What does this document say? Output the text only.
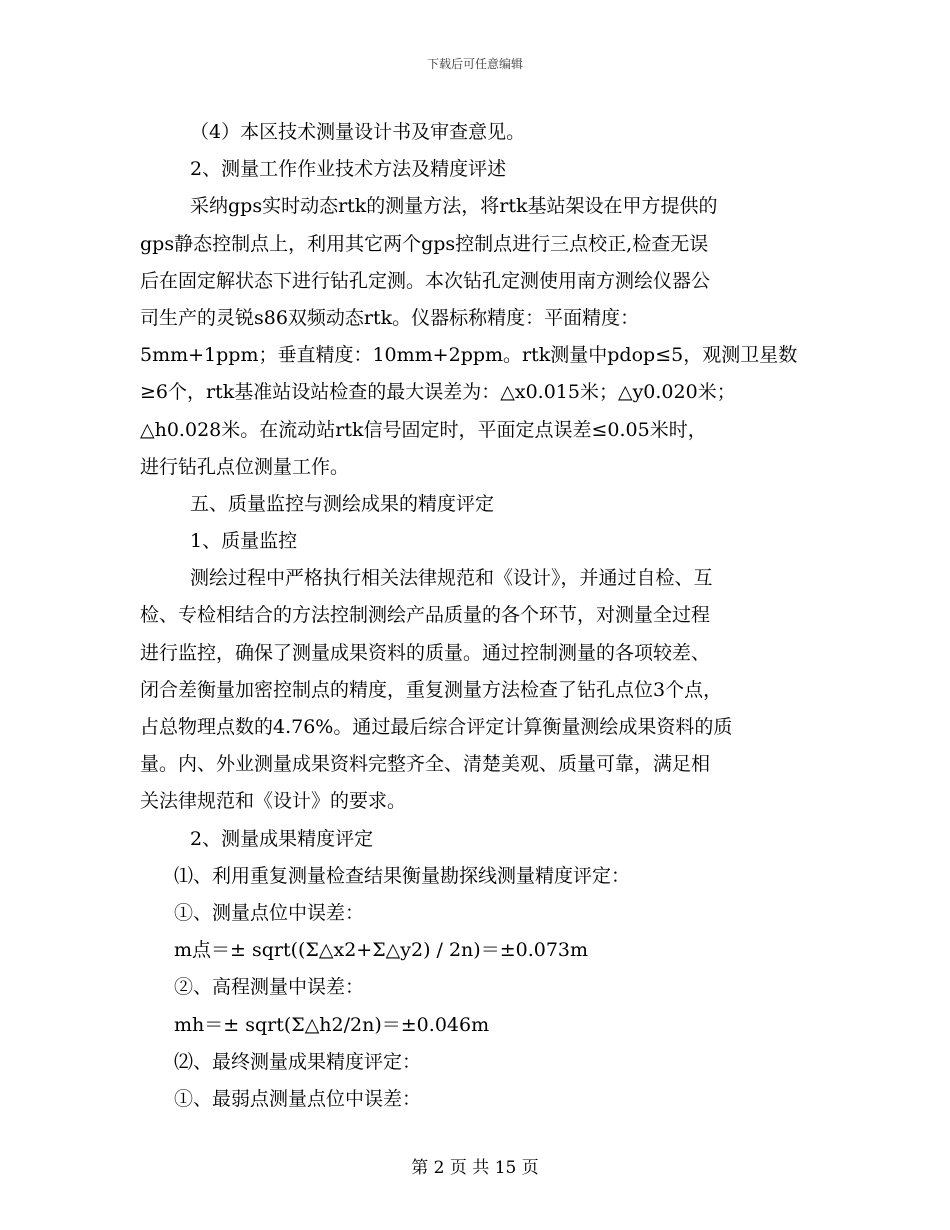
下载后可任意编辑
（4）本区技术测量设计书及审查意见。
2、测量工作作业技术方法及精度评述
采纳gps实时动态rtk的测量方法，将rtk基站架设在甲方提供的
gps静态控制点上，利用其它两个gps控制点进行三点校正,检查无误
后在固定解状态下进行钻孔定测。本次钻孔定测使用南方测绘仪器公
司生产的灵锐s86双频动态rtk。仪器标称精度：平面精度：
5mm+1ppm；垂直精度：10mm+2ppm。rtk测量中pdop≤5，观测卫星数
≥6个，rtk基准站设站检查的最大误差为：△x0.015米；△y0.020米；
△h0.028米。在流动站rtk信号固定时，平面定点误差≤0.05米时，
进行钻孔点位测量工作。
五、质量监控与测绘成果的精度评定
1、质量监控
测绘过程中严格执行相关法律规范和《设计》，并通过自检、互
检、专检相结合的方法控制测绘产品质量的各个环节，对测量全过程
进行监控，确保了测量成果资料的质量。通过控制测量的各项较差、
闭合差衡量加密控制点的精度，重复测量方法检查了钻孔点位3个点，
占总物理点数的4.76%。通过最后综合评定计算衡量测绘成果资料的质
量。内、外业测量成果资料完整齐全、清楚美观、质量可靠，满足相
关法律规范和《设计》的要求。
2、测量成果精度评定
⑴、利用重复测量检查结果衡量勘探线测量精度评定：
①、测量点位中误差：
m点＝± sqrt((Σ△x2+Σ△y2) / 2n)＝±0.073m
②、高程测量中误差：
mh＝± sqrt(Σ△h2/2n)＝±0.046m
⑵、最终测量成果精度评定：
①、最弱点测量点位中误差：
第 2 页 共 15 页
